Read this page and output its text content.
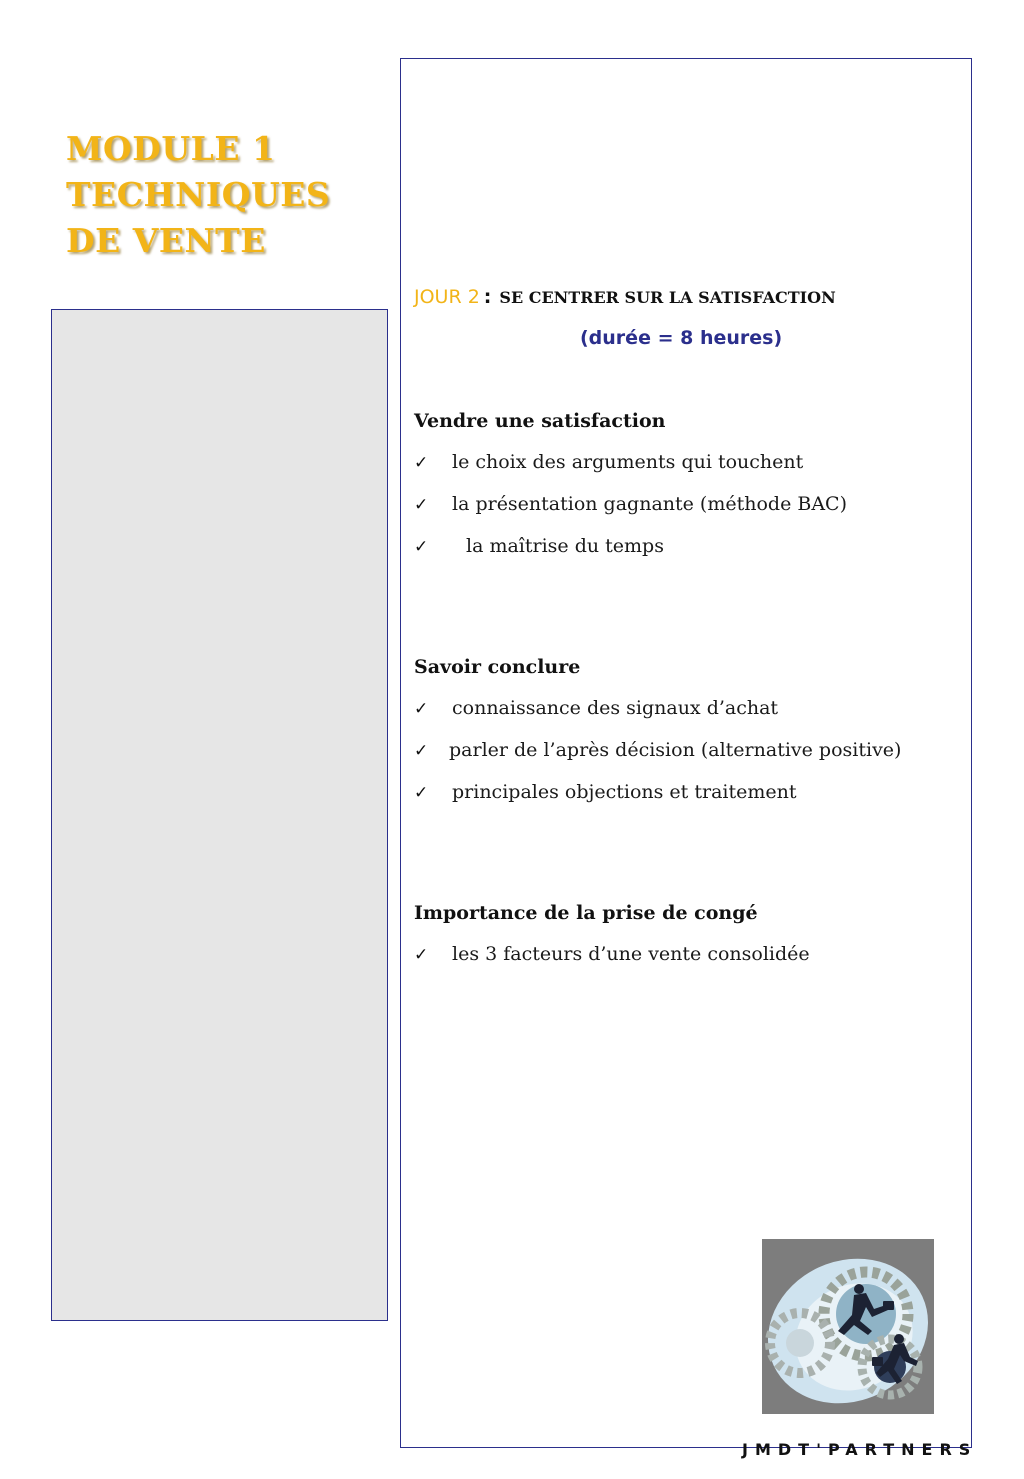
MODULE 1
TECHNIQUES
DE VENTE
JOUR 2 : SE CENTRER SUR LA SATISFACTION
(durée = 8 heures)
Vendre une satisfaction
✓	le choix des arguments qui touchent
✓	la présentation gagnante (méthode BAC)
✓	la maîtrise du temps
Savoir conclure
✓	connaissance des signaux d’achat
✓	parler de l’après décision (alternative positive)
✓	principales objections et traitement
Importance de la prise de congé
✓	les 3 facteurs d’une vente consolidée
JMDT'PARTNERS
